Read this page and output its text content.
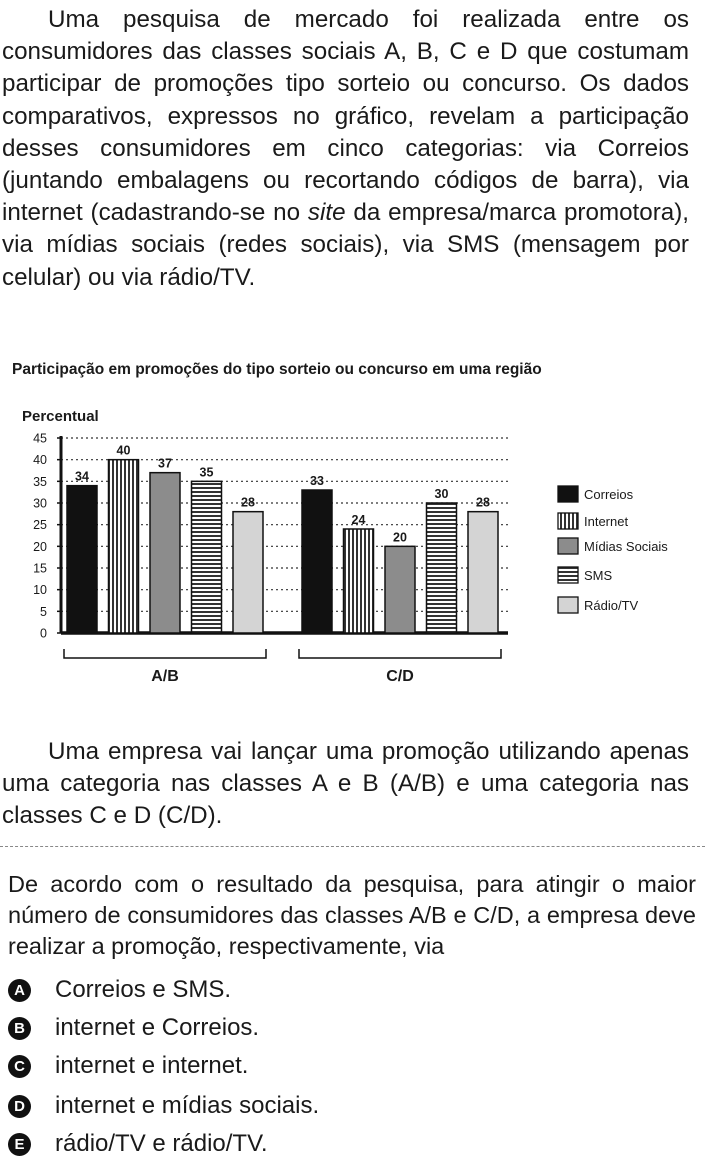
Uma pesquisa de mercado foi realizada entre os consumidores das classes sociais A, B, C e D que costumam participar de promoções tipo sorteio ou concurso. Os dados comparativos, expressos no gráfico, revelam a participação desses consumidores em cinco categorias: via Correios (juntando embalagens ou recortando códigos de barra), via internet (cadastrando-se no site da empresa/marca promotora), via mídias sociais (redes sociais), via SMS (mensagem por celular) ou via rádio/TV.

Participação em promoções do tipo sorteio ou concurso em uma região
Percentual
0
5
10
15
20
25
30
35
40
45
A/B	C/D
34
40
37
35
28
33
24
20
30
28
Correios
Internet
Mídias Sociais
SMS
Rádio/TV

Uma empresa vai lançar uma promoção utilizando apenas uma categoria nas classes A e B (A/B) e uma categoria nas classes C e D (C/D).

De acordo com o resultado da pesquisa, para atingir o maior número de consumidores das classes A/B e C/D, a empresa deve realizar a promoção, respectivamente, via

A Correios e SMS.
B internet e Correios.
C internet e internet.
D internet e mídias sociais.
E rádio/TV e rádio/TV.
